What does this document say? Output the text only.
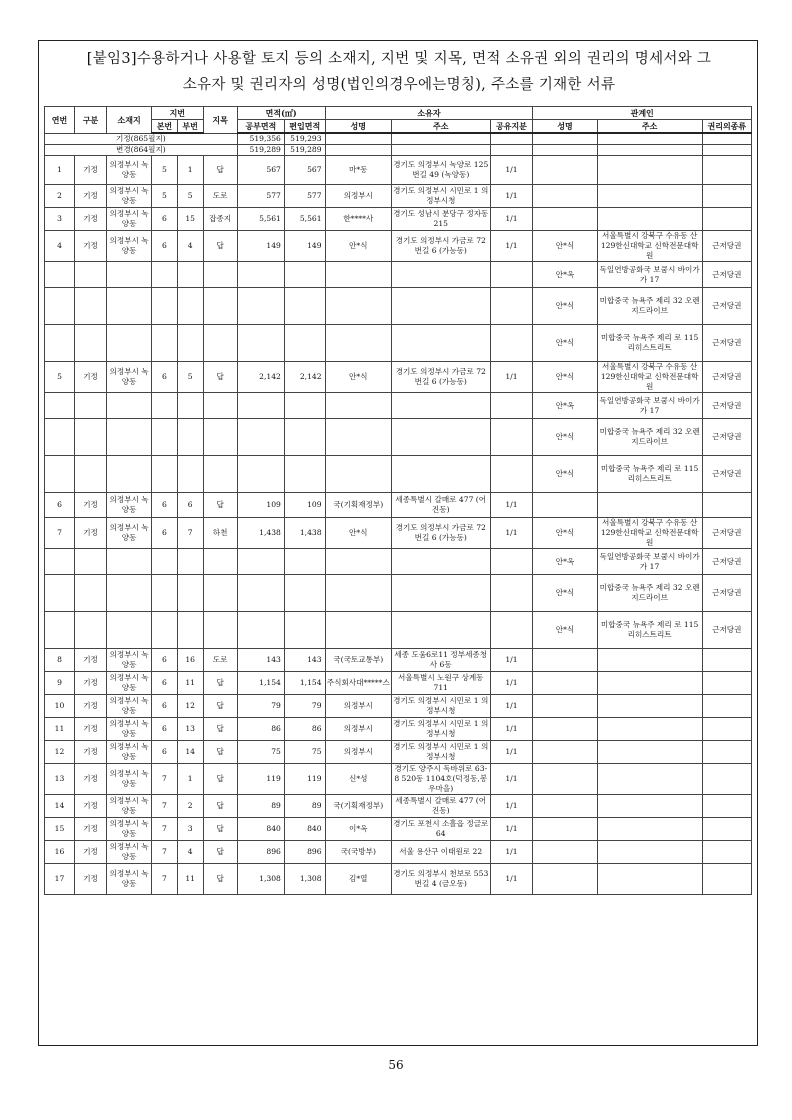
[붙임3]수용하거나 사용할 토지 등의 소재지, 지번 및 지목, 면적 소유권 외의 권리의 명세서와 그
소유자 및 권리자의 성명(법인의경우에는명칭), 주소를 기재한 서류
연번	구분	소재지	지번		지목	면적(㎡)		소유자			관계인		
			본번	부번		공부면적	편입면적	성명	주소	공유지분	성명	주소	권리의종류
기정(865필지)						519,356	519,293						
변경(864필지)						519,289	519,289						
1	기정	의정부시 녹양동	5	1	답	567	567	마*동	경기도 의정부시 녹양로 125번길 49 (녹양동)	1/1			
2	기정	의정부시 녹양동	5	5	도로	577	577	의정부시	경기도 의정부시 시민로 1 의정부시청	1/1			
3	기정	의정부시 녹양동	6	15	잡종지	5,561	5,561	한****사	경기도 성남시 분당구 정자동 215	1/1			
4	기정	의정부시 녹양동	6	4	답	149	149	안*식	경기도 의정부시 가금로 72번길 6 (가능동)	1/1	안*식	서울특별시 강북구 수유동 산129한신대학교 신학전문대학원	근저당권
											안*옥	독일연방공화국 보쿰시 바이가가 17	근저당권
											안*식	미합중국 뉴욕주 제리 32 오렌지드라이브	근저당권
											안*식	미합중국 뉴욕주 제리 로 115 리히스트리트	근저당권
5	기정	의정부시 녹양동	6	5	답	2,142	2,142	안*식	경기도 의정부시 가금로 72번길 6 (가능동)	1/1	안*식	서울특별시 강북구 수유동 산129한신대학교 신학전문대학원	근저당권
											안*옥	독일연방공화국 보쿰시 바이가가 17	근저당권
											안*식	미합중국 뉴욕주 제리 32 오렌지드라이브	근저당권
											안*식	미합중국 뉴욕주 제리 로 115 리히스트리트	근저당권
6	기정	의정부시 녹양동	6	6	답	109	109	국(기획재정부)	세종특별시 갈매로 477 (어진동)	1/1			
7	기정	의정부시 녹양동	6	7	하천	1,438	1,438	안*식	경기도 의정부시 가금로 72번길 6 (가능동)	1/1	안*식	서울특별시 강북구 수유동 산129한신대학교 신학전문대학원	근저당권
											안*옥	독일연방공화국 보쿰시 바이가가 17	근저당권
											안*식	미합중국 뉴욕주 제리 32 오렌지드라이브	근저당권
											안*식	미합중국 뉴욕주 제리 로 115 리히스트리트	근저당권
8	기정	의정부시 녹양동	6	16	도로	143	143	국(국토교통부)	세종 도움6로11 정부세종청사 6동	1/1			
9	기정	의정부시 녹양동	6	11	답	1,154	1,154	주식회사대*****스	서울특별시 노원구 상계동 711	1/1			
10	기정	의정부시 녹양동	6	12	답	79	79	의정부시	경기도 의정부시 시민로 1 의정부시청	1/1			
11	기정	의정부시 녹양동	6	13	답	86	86	의정부시	경기도 의정부시 시민로 1 의정부시청	1/1			
12	기정	의정부시 녹양동	6	14	답	75	75	의정부시	경기도 의정부시 시민로 1 의정부시청	1/1			
13	기정	의정부시 녹양동	7	1	답	119	119	신*성	경기도 양주시 독바위로 63-8 520동 1104호(덕정동,봉우마을)	1/1			
14	기정	의정부시 녹양동	7	2	답	89	89	국(기획재정부)	세종특별시 갈매로 477 (어진동)	1/1			
15	기정	의정부시 녹양동	7	3	답	840	840	이*옥	경기도 포천시 소흘읍 정글로 64	1/1			
16	기정	의정부시 녹양동	7	4	답	896	896	국(국방부)	서울 용산구 이태원로 22	1/1			
17	기정	의정부시 녹양동	7	11	답	1,308	1,308	김*열	경기도 의정부시 천보로 553번길 4 (금오동)	1/1			
56
